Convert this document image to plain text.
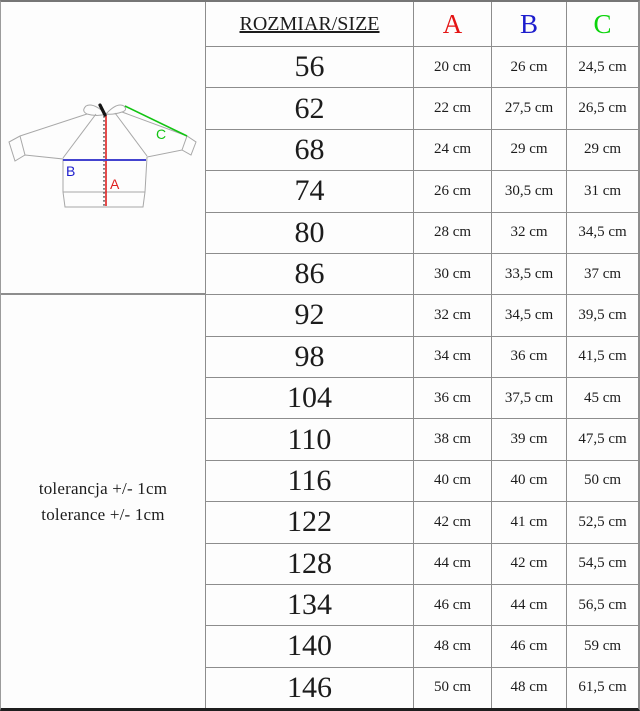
A
B
C
tolerancja +/- 1cm
tolerance +/- 1cm
ROZMIAR/SIZE A B C
56	20 cm	26 cm	24,5 cm
62	22 cm	27,5 cm	26,5 cm
68	24 cm	29 cm	29 cm
74	26 cm	30,5 cm	31 cm
80	28 cm	32 cm	34,5 cm
86	30 cm	33,5 cm	37 cm
92	32 cm	34,5 cm	39,5 cm
98	34 cm	36 cm	41,5 cm
104	36 cm	37,5 cm	45 cm
110	38 cm	39 cm	47,5 cm
116	40 cm	40 cm	50 cm
122	42 cm	41 cm	52,5 cm
128	44 cm	42 cm	54,5 cm
134	46 cm	44 cm	56,5 cm
140	48 cm	46 cm	59 cm
146	50 cm	48 cm	61,5 cm
